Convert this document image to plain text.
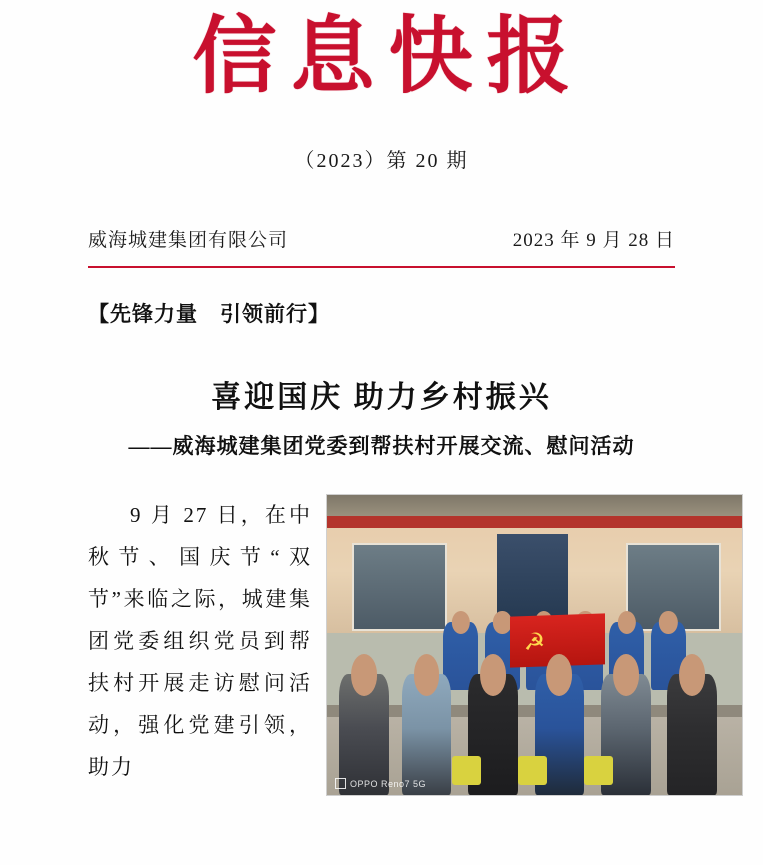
信息快报
（2023）第 20 期
威海城建集团有限公司	2023 年 9 月 28 日
【先锋力量　引领前行】
喜迎国庆 助力乡村振兴
——威海城建集团党委到帮扶村开展交流、慰问活动

9 月 27 日，在中秋节、国庆节“双节”来临之际，城建集团党委组织党员到帮扶村开展走访慰问活动，强化党建引领，助力

☭
OPPO Reno7 5G
